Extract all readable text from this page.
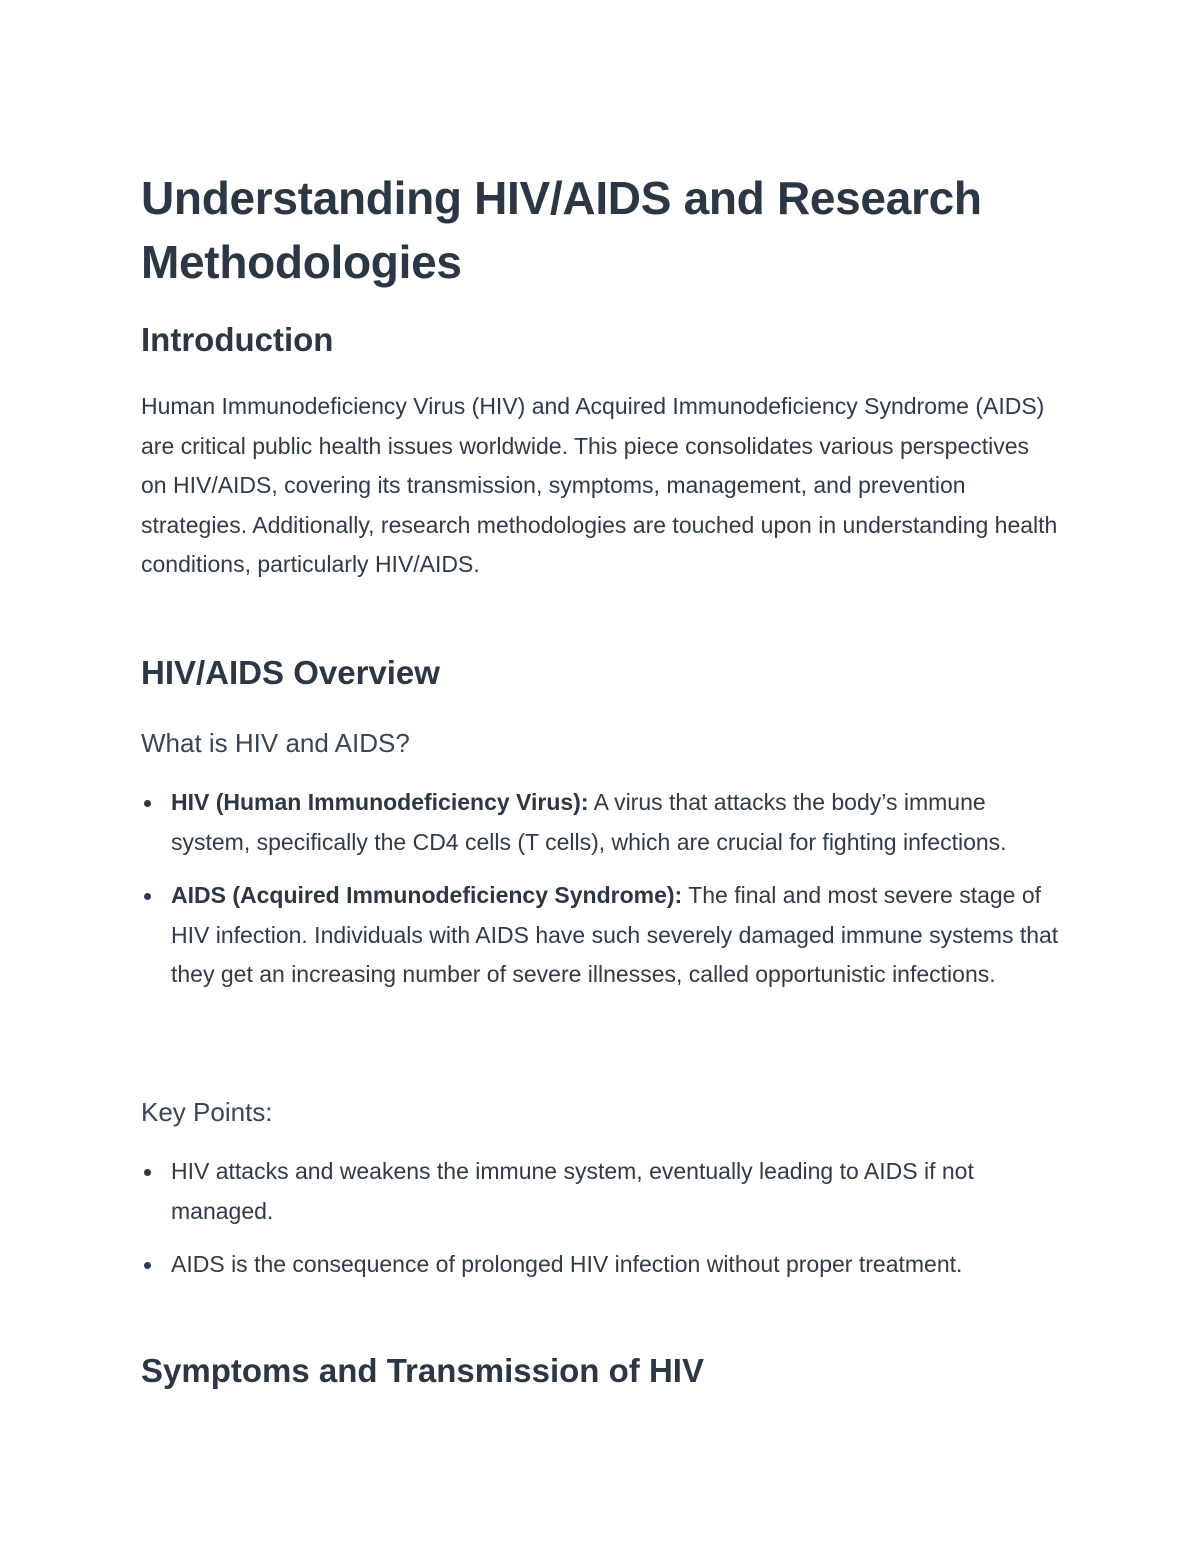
Understanding HIV/AIDS and Research Methodologies
Introduction

Human Immunodeficiency Virus (HIV) and Acquired Immunodeficiency Syndrome (AIDS) are critical public health issues worldwide. This piece consolidates various perspectives on HIV/AIDS, covering its transmission, symptoms, management, and prevention strategies. Additionally, research methodologies are touched upon in understanding health conditions, particularly HIV/AIDS.

HIV/AIDS Overview
What is HIV and AIDS?
HIV (Human Immunodeficiency Virus): A virus that attacks the body’s immune system, specifically the CD4 cells (T cells), which are crucial for fighting infections.
AIDS (Acquired Immunodeficiency Syndrome): The final and most severe stage of HIV infection. Individuals with AIDS have such severely damaged immune systems that they get an increasing number of severe illnesses, called opportunistic infections.
Key Points:
HIV attacks and weakens the immune system, eventually leading to AIDS if not managed.
AIDS is the consequence of prolonged HIV infection without proper treatment.
Symptoms and Transmission of HIV
